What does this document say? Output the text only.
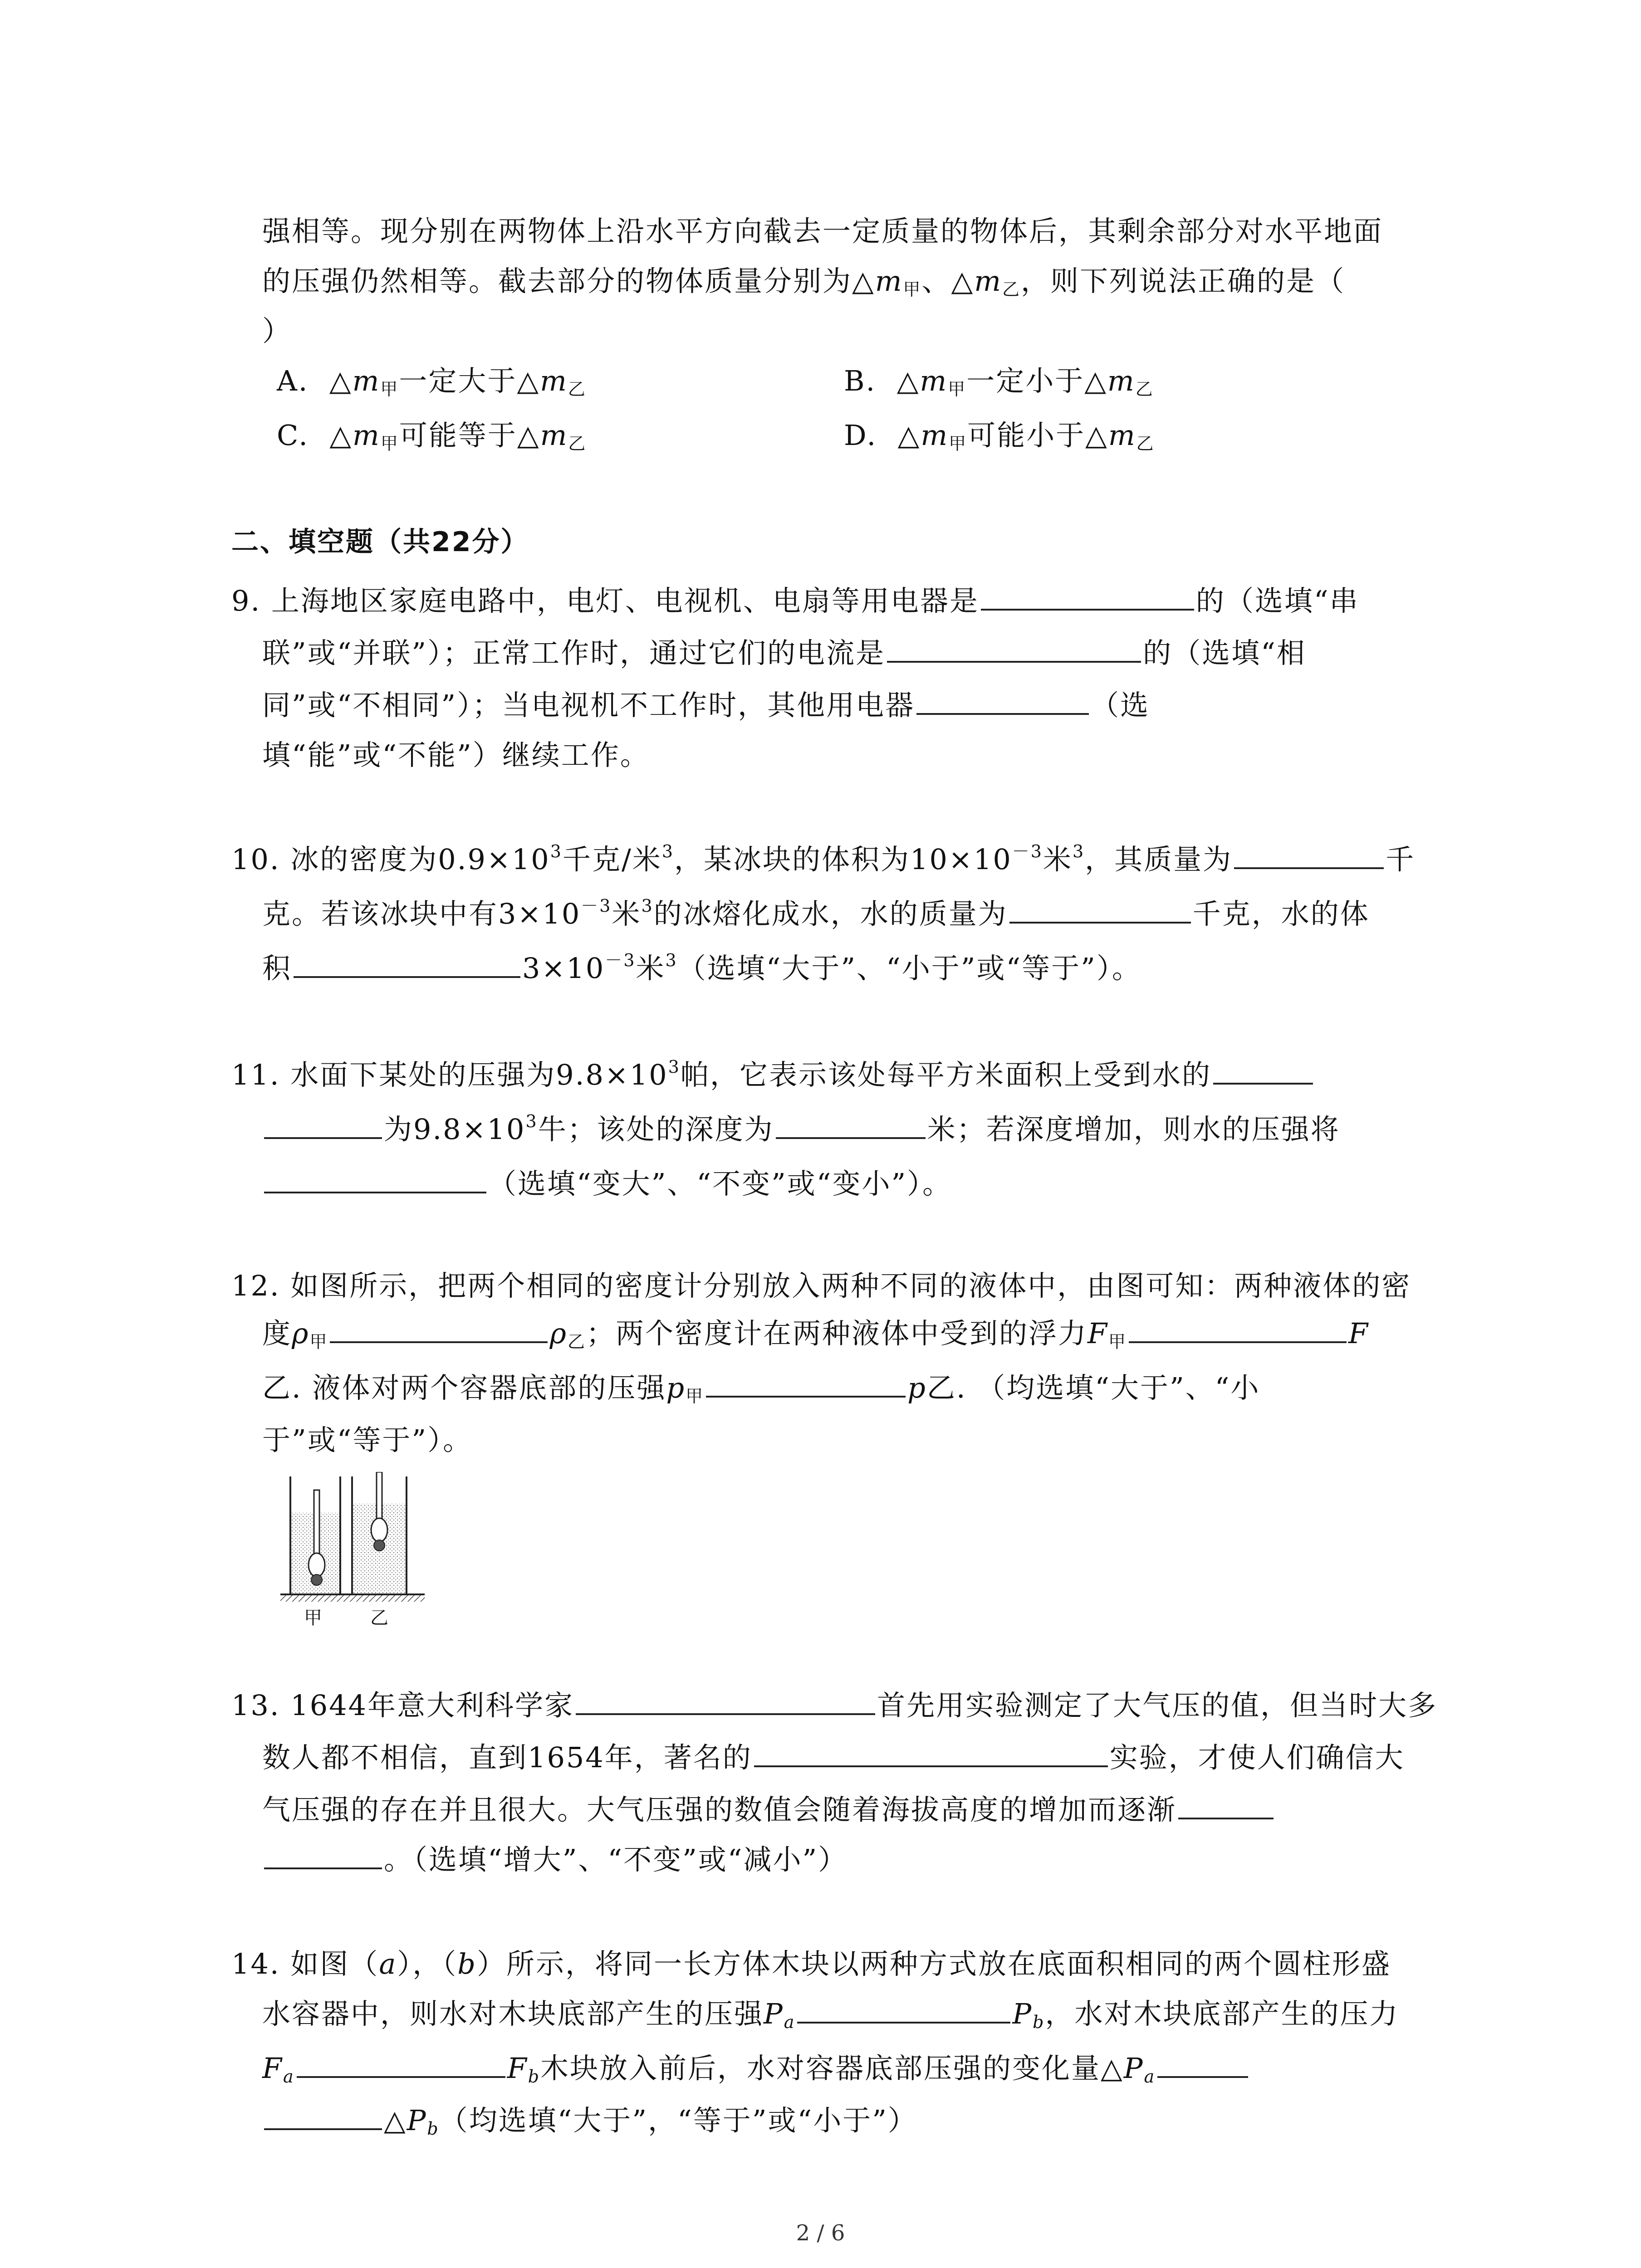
强相等。现分别在两物体上沿水平方向截去一定质量的物体后，其剩余部分对水平地面
的压强仍然相等。截去部分的物体质量分别为$\triangle m_甲$、$\triangle m_乙$，则下列说法正确的是（
）
A. $\triangle m_甲$一定大于$\triangle m_乙$	B. $\triangle m_甲$一定小于$\triangle m_乙$
C. $\triangle m_甲$可能等于$\triangle m_乙$	D. $\triangle m_甲$可能小于$\triangle m_乙$
二、填空题（共22分）
9. 上海地区家庭电路中，电灯、电视机、电扇等用电器是	的（选填“串
联”或“并联”）；正常工作时，通过它们的电流是	的（选填“相
同”或“不相同”）；当电视机不工作时，其他用电器	（选
填“能”或“不能”）继续工作。
10. 冰的密度为$0.9\times 10^3$千克/米$^3$，某冰块的体积为$10\times 10^{-3}$米$^3$，其质量为	千
克。若该冰块中有$3\times 10^{-3}$米$^3$的冰熔化成水，水的质量为	千克，水的体
积	$3\times 10^{-3}$米$^3$（选填“大于”、“小于”或“等于”）。
11. 水面下某处的压强为$9.8\times 10^3$帕，它表示该处每平方米面积上受到水的
为$9.8\times 10^3$牛；该处的深度为	米；若深度增加，则水的压强将
（选填“变大”、“不变”或“变小”）。
12. 如图所示，把两个相同的密度计分别放入两种不同的液体中，由图可知：两种液体的密
度$\rho_甲$	$\rho_乙$；两个密度计在两种液体中受到的浮力$F_甲$	F
乙. 液体对两个容器底部的压强$p_甲$	p乙. （均选填“大于”、“小
于”或“等于”）。
甲	乙
13. 1644年意大利科学家	首先用实验测定了大气压的值，但当时大多
数人都不相信，直到1654年，著名的	实验，才使人们确信大
气压强的存在并且很大。大气压强的数值会随着海拔高度的增加而逐渐
。（选填“增大”、“不变”或“减小”）
14. 如图（a），（b）所示，将同一长方体木块以两种方式放在底面积相同的两个圆柱形盛
水容器中，则水对木块底部产生的压强$P_a$	$P_b$，水对木块底部产生的压力
$F_a$	$F_b$木块放入前后，水对容器底部压强的变化量$\triangle P_a$
$\triangle P_b$（均选填“大于”，“等于”或“小于”）
2 / 6
